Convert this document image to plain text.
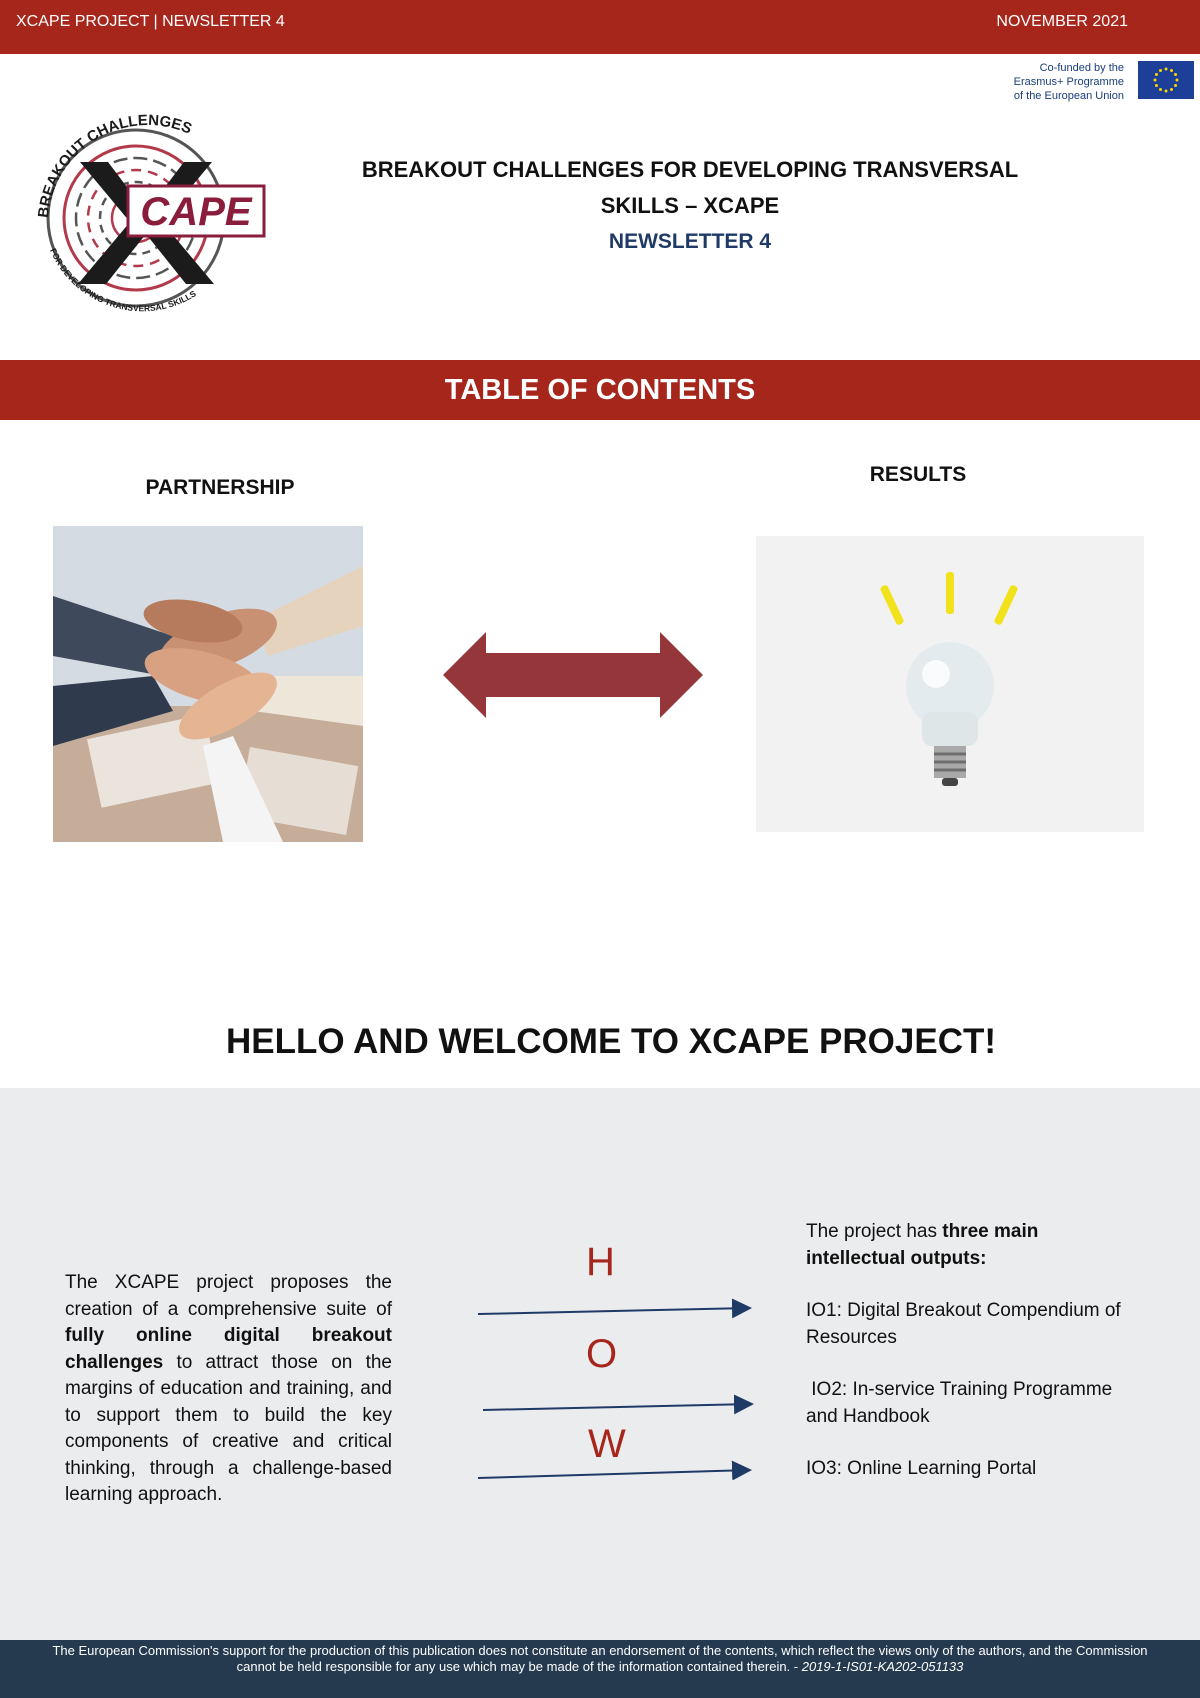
XCAPE PROJECT | NEWSLETTER 4	NOVEMBER 2021
Co-funded by the
Erasmus+ Programme
of the European Union
CAPE
BREAKOUT CHALLENGES
FOR DEVELOPING TRANSVERSAL SKILLS
BREAKOUT CHALLENGES FOR DEVELOPING TRANSVERSAL
SKILLS – XCAPE
NEWSLETTER 4
TABLE OF CONTENTS
PARTNERSHIP
RESULTS
HELLO AND WELCOME TO XCAPE PROJECT!
The XCAPE project proposes the creation of a comprehensive suite of fully online digital breakout challenges to attract those on the margins of education and training, and to support them to build the key components of creative and critical thinking, through a challenge-based learning approach.
H
O
W

The project has three main intellectual outputs:

IO1: Digital Breakout Compendium of Resources

IO2: In-service Training Programme and Handbook

IO3: Online Learning Portal

The European Commission's support for the production of this publication does not constitute an endorsement of the contents, which reflect the views only of the authors, and the Commission
cannot be held responsible for any use which may be made of the information contained therein. - 2019-1-IS01-KA202-051133
